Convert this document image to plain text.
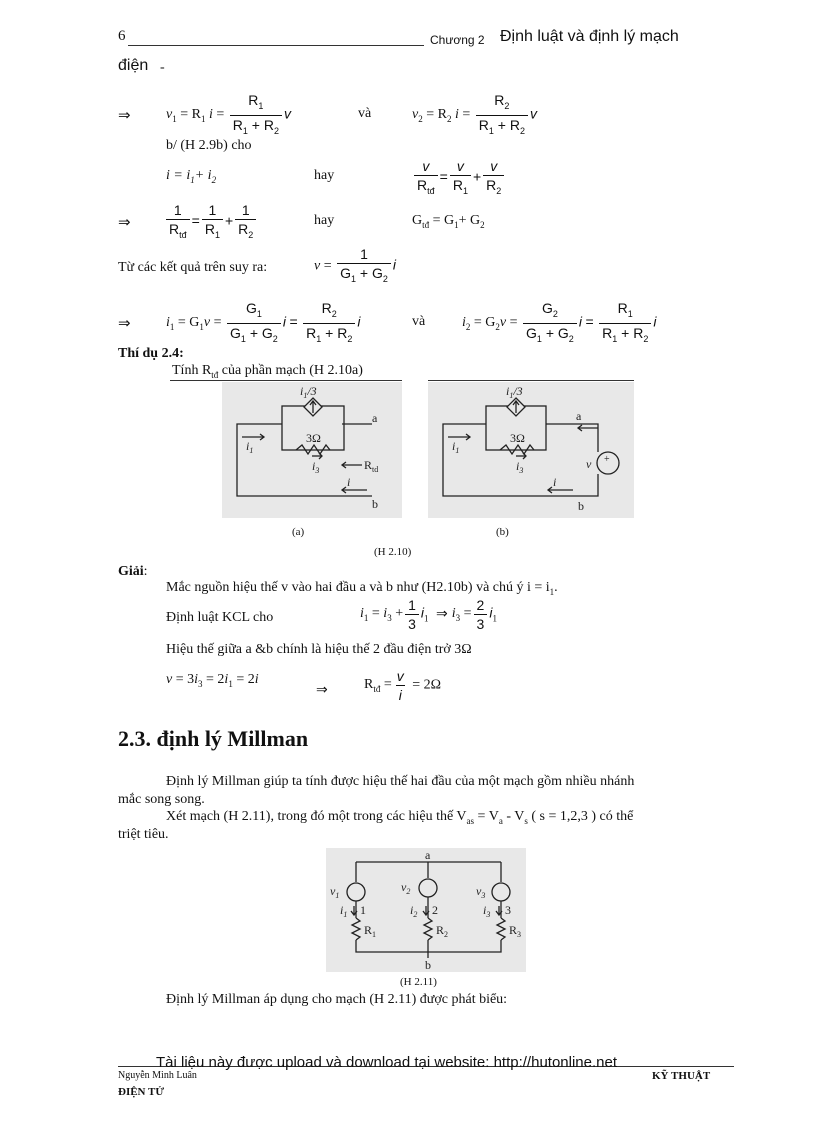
6	Chương 2 Định luật và định lý mạch
điện -
⇒	$v_1 = R_1$ $i = \frac{R_1}{R_1 + R_2}$ v	và	$v_2 = R_2$ $i = \frac{R_2}{R_1 + R_2}$ v
b/ (H 2.9b) cho
$i = i_1+ i_2$	hay	$\frac{v}{R_{tđ}} = \frac{v}{R_1} + \frac{v}{R_2}$
⇒	$\frac{1}{R_{tđ}} = \frac{1}{R_1} + \frac{1}{R_2}$	hay	$G_{tđ} = G_1+ G_2$
Từ các kết quả trên suy ra:	$v = \frac{1}{G_1 + G_2}$ i
⇒	$i_1 = G_1v = \frac{G_1}{G_1 + G_2}$ $i = \frac{R_2}{R_1 + R_2}$ i	và	$i_2 = G_2v = \frac{G_2}{G_1 + G_2}$ $i = \frac{R_1}{R_1 + R_2}$ i
Thí dụ 2.4:
Tính $R_{tđ}$ của phần mạch (H 2.10a)
$i_1/3$
a
b
3Ω
$i_1$
$i_3$	$R_{td}$
i
$i_1/3$
a
b
3Ω
$i_1$
$i_3$	v +
i
(a)	(b)
(H 2.10)
Giải:
Mắc nguồn hiệu thế v vào hai đầu a và b như (H2.10b) và chú ý $i = i_1$.
Định luật KCL cho	$i_1 = i_3 + \frac{1}{3} i_1$ ⇒ $i_3 = \frac{2}{3} i_1$
Hiệu thế giữa a &b chính là hiệu thế 2 đầu điện trở 3Ω
$v = 3i_3 = 2i_1 = 2i$
⇒	$R_{tđ} = \frac{v}{i} = 2\Omega$
2.3. định lý Millman
Định lý Millman giúp ta tính được hiệu thế hai đầu của một mạch gồm nhiều nhánh
mắc song song.
Xét mạch (H 2.11), trong đó một trong các hiệu thế $V_{as} = V_a - V_s$ ( s = 1,2,3 ) có thể
triệt tiêu.
a
b
$v_1$
$v_2$	$v_3$
$i_1$	$i_2$	$i_3$
1	2	3
$R_1$	$R_2$	$R_3$
(H 2.11)
Định lý Millman áp dụng cho mạch (H 2.11) được phát biểu:
Tài liệu này được upload và download tại website: http://hutonline.net
Nguyễn Minh Luân	KỸ THUẬT
ĐIỆN TỬ
